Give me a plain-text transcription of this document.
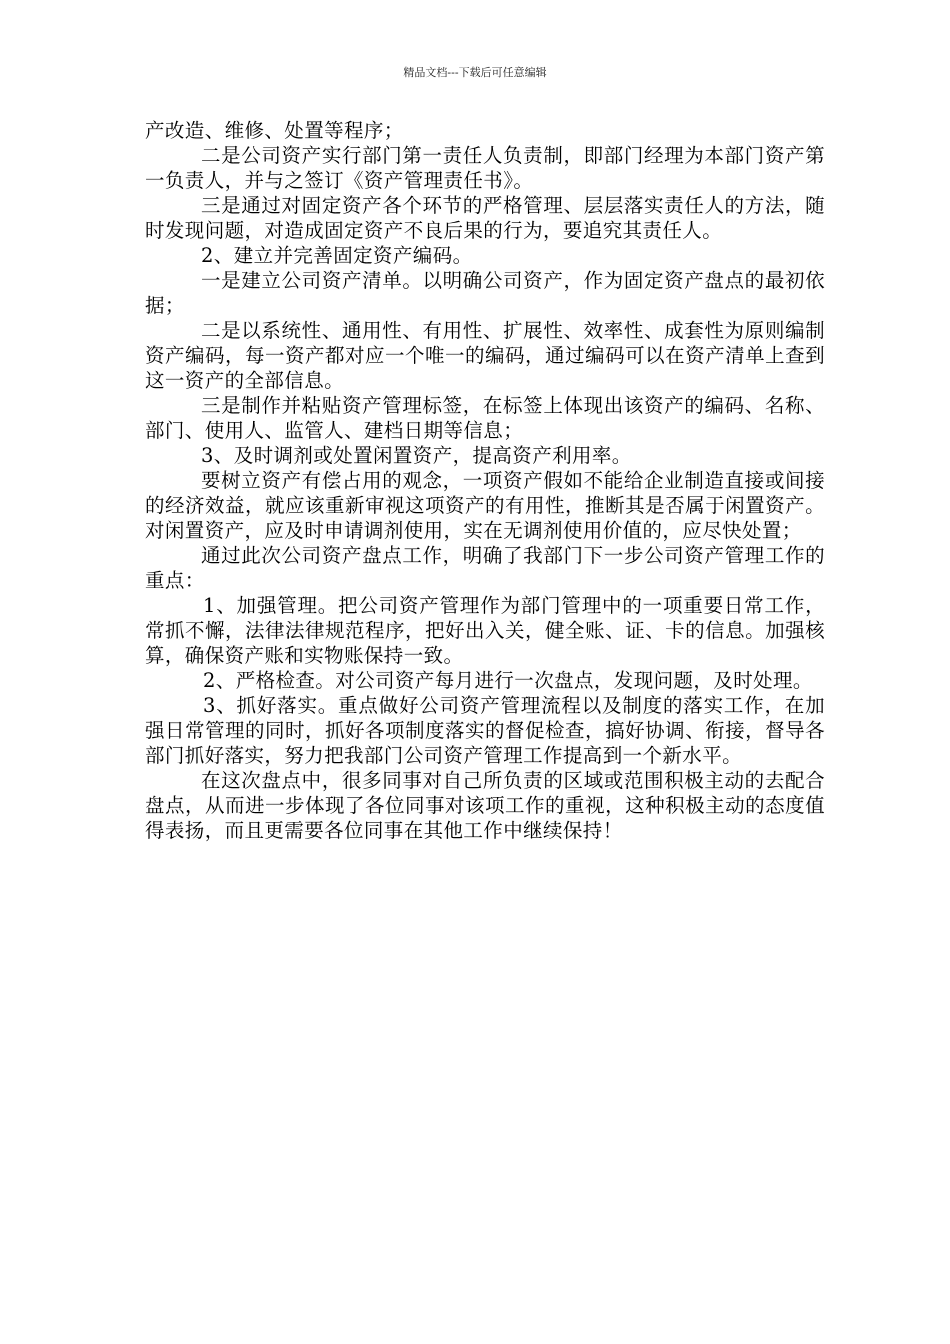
精品文档---下载后可任意编辑

产改造、维修、处置等程序；

二是公司资产实行部门第一责任人负责制，即部门经理为本部门资产第一负责人，并与之签订《资产管理责任书》。

三是通过对固定资产各个环节的严格管理、层层落实责任人的方法，随时发现问题，对造成固定资产不良后果的行为，要追究其责任人。

2、建立并完善固定资产编码。

一是建立公司资产清单。以明确公司资产，作为固定资产盘点的最初依据；

二是以系统性、通用性、有用性、扩展性、效率性、成套性为原则编制资产编码，每一资产都对应一个唯一的编码，通过编码可以在资产清单上查到这一资产的全部信息。

三是制作并粘贴资产管理标签，在标签上体现出该资产的编码、名称、部门、使用人、监管人、建档日期等信息；

3、及时调剂或处置闲置资产，提高资产利用率。

要树立资产有偿占用的观念，一项资产假如不能给企业制造直接或间接的经济效益，就应该重新审视这项资产的有用性，推断其是否属于闲置资产。对闲置资产，应及时申请调剂使用，实在无调剂使用价值的，应尽快处置；

通过此次公司资产盘点工作，明确了我部门下一步公司资产管理工作的重点：

1、加强管理。把公司资产管理作为部门管理中的一项重要日常工作，常抓不懈，法律法律规范程序，把好出入关，健全账、证、卡的信息。加强核算，确保资产账和实物账保持一致。

2、严格检查。对公司资产每月进行一次盘点，发现问题，及时处理。

3、抓好落实。重点做好公司资产管理流程以及制度的落实工作，在加强日常管理的同时，抓好各项制度落实的督促检查，搞好协调、衔接，督导各部门抓好落实，努力把我部门公司资产管理工作提高到一个新水平。

在这次盘点中，很多同事对自己所负责的区域或范围积极主动的去配合盘点，从而进一步体现了各位同事对该项工作的重视，这种积极主动的态度值得表扬，而且更需要各位同事在其他工作中继续保持！
